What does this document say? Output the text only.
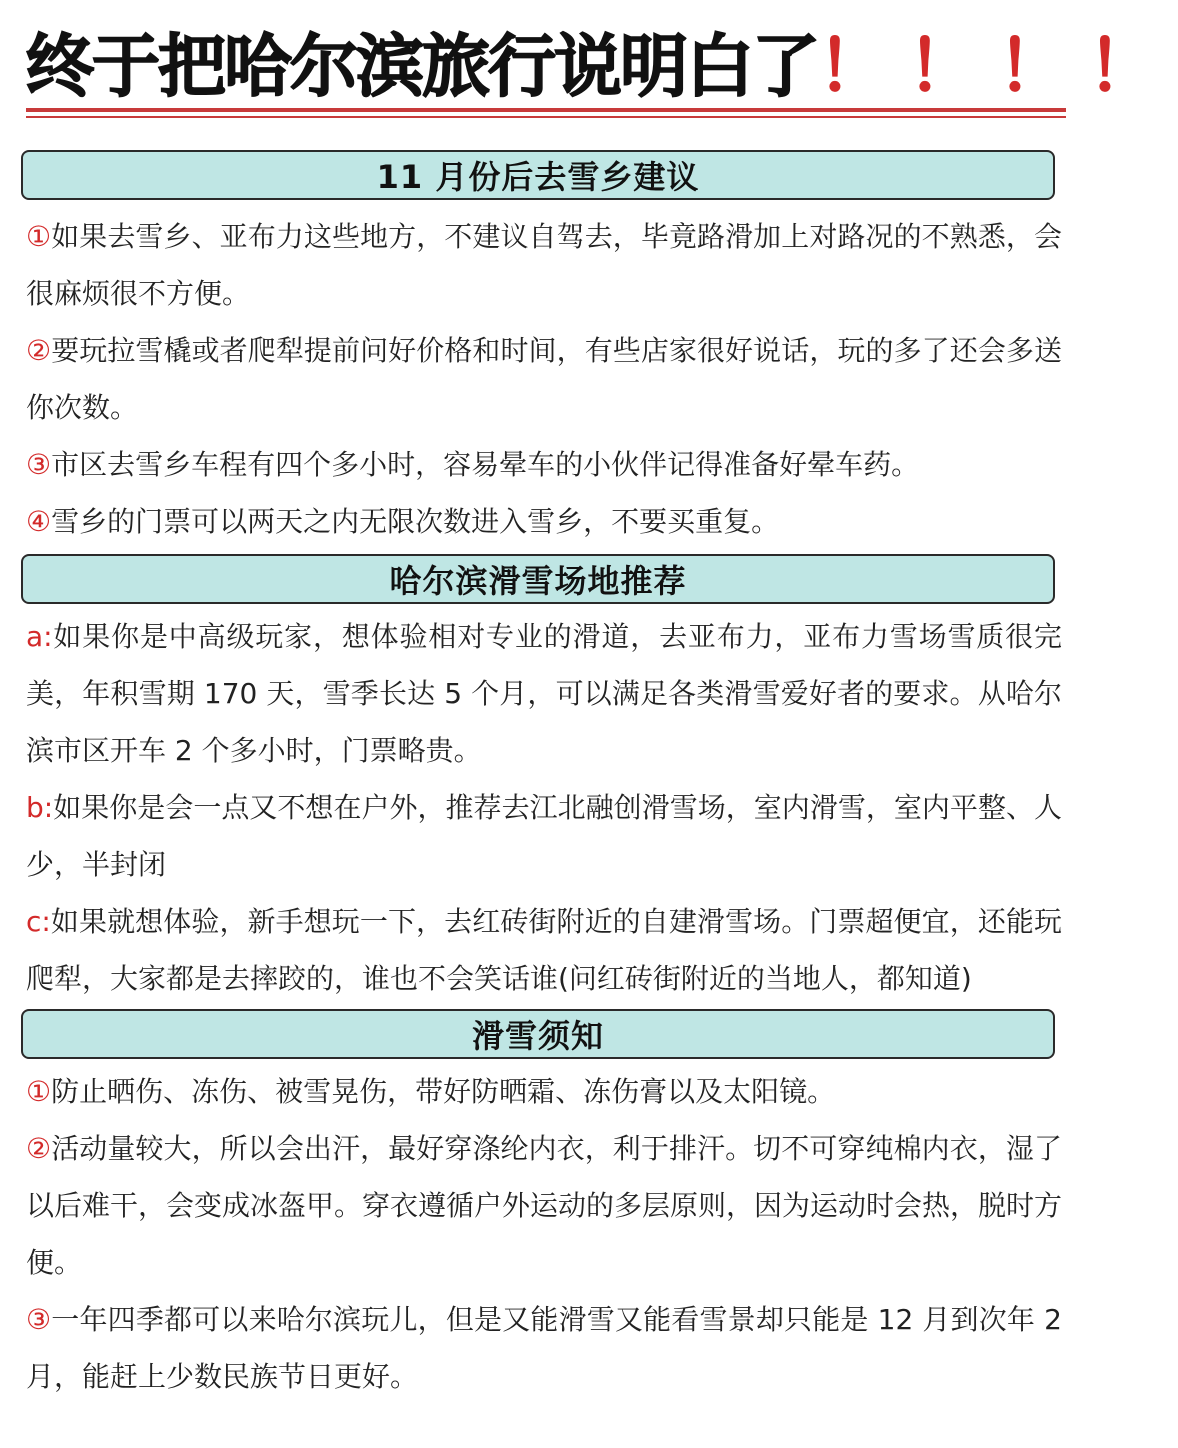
终于把哈尔滨旅行说明白了！！！！
11 月份后去雪乡建议
①如果去雪乡、亚布力这些地方，不建议自驾去，毕竟路滑加上对路况的不熟悉，会很麻烦很不方便。
②要玩拉雪橇或者爬犁提前问好价格和时间，有些店家很好说话，玩的多了还会多送你次数。
③市区去雪乡车程有四个多小时，容易晕车的小伙伴记得准备好晕车药。
④雪乡的门票可以两天之内无限次数进入雪乡，不要买重复。
哈尔滨滑雪场地推荐
a:如果你是中高级玩家，想体验相对专业的滑道，去亚布力，亚布力雪场雪质很完美，年积雪期 170 天，雪季长达 5 个月，可以满足各类滑雪爱好者的要求。从哈尔滨市区开车 2 个多小时，门票略贵。
b:如果你是会一点又不想在户外，推荐去江北融创滑雪场，室内滑雪，室内平整、人少，半封闭
c:如果就想体验，新手想玩一下，去红砖街附近的自建滑雪场。门票超便宜，还能玩爬犁，大家都是去摔跤的，谁也不会笑话谁(问红砖街附近的当地人，都知道)
滑雪须知
①防止晒伤、冻伤、被雪晃伤，带好防晒霜、冻伤膏以及太阳镜。
②活动量较大，所以会出汗，最好穿涤纶内衣，利于排汗。切不可穿纯棉内衣，湿了以后难干，会变成冰盔甲。穿衣遵循户外运动的多层原则，因为运动时会热，脱时方便。
③一年四季都可以来哈尔滨玩儿，但是又能滑雪又能看雪景却只能是 12 月到次年 2 月，能赶上少数民族节日更好。
